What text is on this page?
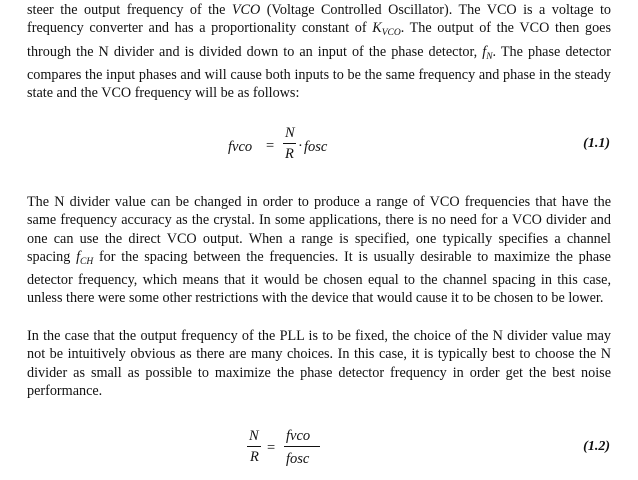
steer the output frequency of the VCO (Voltage Controlled Oscillator). The VCO is a voltage to frequency converter and has a proportionality constant of $K_{VCO}$. The output of the VCO then goes through the N divider and is divided down to an input of the phase detector, $f_N$. The phase detector compares the input phases and will cause both inputs to be the same frequency and phase in the steady state and the VCO frequency will be as follows:

fvco =
N
R · fosc	(1.1)

The N divider value can be changed in order to produce a range of VCO frequencies that have the same frequency accuracy as the crystal. In some applications, there is no need for a VCO divider and one can use the direct VCO output. When a range is specified, one typically specifies a channel spacing $f_{CH}$ for the spacing between the frequencies. It is usually desirable to maximize the phase detector frequency, which means that it would be chosen equal to the channel spacing in this case, unless there were some other restrictions with the device that would cause it to be chosen to be lower.

In the case that the output frequency of the PLL is to be fixed, the choice of the N divider value may not be intuitively obvious as there are many choices. In this case, it is typically best to choose the N divider as small as possible to maximize the phase detector frequency in order get the best noise performance.

N
R
=
fvco
fosc
(1.2)
